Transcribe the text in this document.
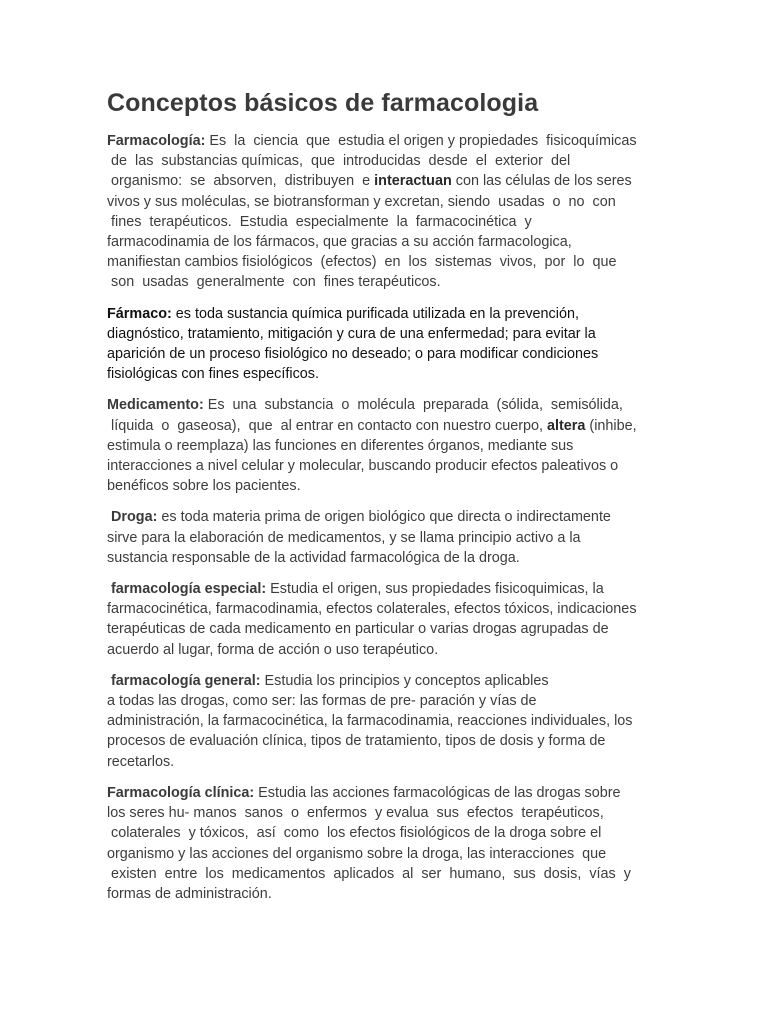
Conceptos básicos de farmacologia

Farmacología: Es  la  ciencia  que  estudia el origen y propiedades  fisicoquímicas
de  las  substancias químicas,  que  introducidas  desde  el  exterior  del
organismo:  se  absorven,  distribuyen  e interactuan con las células de los seres
vivos y sus moléculas, se biotransforman y excretan, siendo  usadas  o  no  con
fines  terapéuticos.  Estudia  especialmente  la  farmacocinética  y
farmacodinamia de los fármacos, que gracias a su acción farmacologica,
manifiestan cambios fisiológicos  (efectos)  en  los  sistemas  vivos,  por  lo  que
son  usadas  generalmente  con  fines terapéuticos.

Fármaco: es toda sustancia química purificada utilizada en la prevención,
diagnóstico, tratamiento, mitigación y cura de una enfermedad; para evitar la
aparición de un proceso fisiológico no deseado; o para modificar condiciones
fisiológicas con fines específicos.

Medicamento: Es  una  substancia  o  molécula  preparada  (sólida,  semisólida,
líquida  o  gaseosa),  que  al entrar en contacto con nuestro cuerpo, altera (inhibe,
estimula o reemplaza) las funciones en diferentes órganos, mediante sus
interacciones a nivel celular y molecular, buscando producir efectos paleativos o
benéficos sobre los pacientes.

Droga: es toda materia prima de origen biológico que directa o indirectamente
sirve para la elaboración de medicamentos, y se llama principio activo a la
sustancia responsable de la actividad farmacológica de la droga.

farmacología especial: Estudia el origen, sus propiedades fisicoquimicas, la
farmacocinética, farmacodinamia, efectos colaterales, efectos tóxicos, indicaciones
terapéuticas de cada medicamento en particular o varias drogas agrupadas de
acuerdo al lugar, forma de acción o uso terapéutico.

farmacología general: Estudia los principios y conceptos aplicables
a todas las drogas, como ser: las formas de pre- paración y vías de
administración, la farmacocinética, la farmacodinamia, reacciones individuales, los
procesos de evaluación clínica, tipos de tratamiento, tipos de dosis y forma de
recetarlos.

Farmacología clínica: Estudia las acciones farmacológicas de las drogas sobre
los seres hu- manos  sanos  o  enfermos  y evalua  sus  efectos  terapéuticos,
colaterales  y tóxicos,  así  como  los efectos fisiológicos de la droga sobre el
organismo y las acciones del organismo sobre la droga, las interacciones  que
existen  entre  los  medicamentos  aplicados  al  ser  humano,  sus  dosis,  vías  y
formas de administración.
